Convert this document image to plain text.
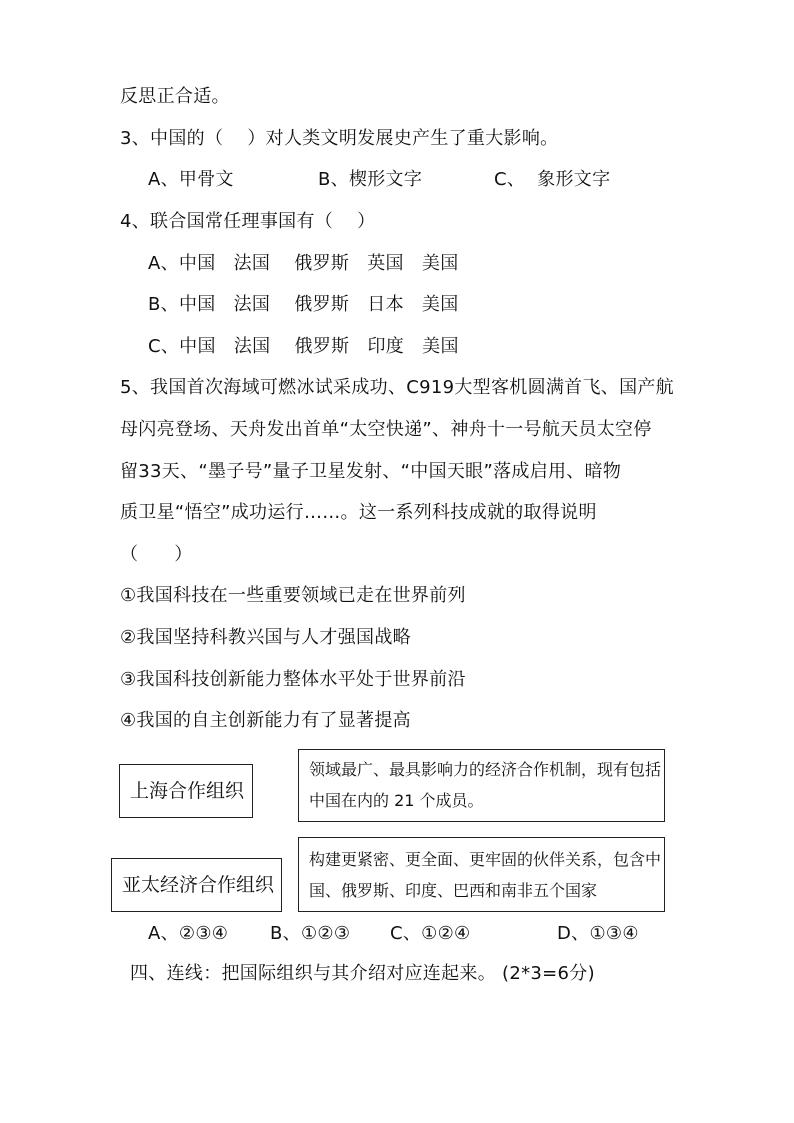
反思正合适。
3、中国的（    ）对人类文明发展史产生了重大影响。
A、甲骨文	B、楔形文字	C、  象形文字
4、联合国常任理事国有（    ）
A、中国   法国    俄罗斯   英国   美国
B、中国   法国    俄罗斯   日本   美国
C、中国   法国    俄罗斯   印度   美国
5、我国首次海域可燃冰试采成功、C919大型客机圆满首飞、国产航
母闪亮登场、天舟发出首单“太空快递”、神舟十一号航天员太空停
留33天、“墨子号”量子卫星发射、“中国天眼”落成启用、暗物
质卫星“悟空”成功运行……。这一系列科技成就的取得说明
（      ）
①我国科技在一些重要领域已走在世界前列
②我国坚持科教兴国与人才强国战略
③我国科技创新能力整体水平处于世界前沿
④我国的自主创新能力有了显著提高
上海合作组织
领域最广、最具影响力的经济合作机制，现有包括
中国在内的 21 个成员。
构建更紧密、更全面、更牢固的伙伴关系，包含中
国、俄罗斯、印度、巴西和南非五个国家
亚太经济合作组织
A、②③④ B、①②③ C、①②④	D、①③④
四、连线：把国际组织与其介绍对应连起来。 (2*3=6分)
